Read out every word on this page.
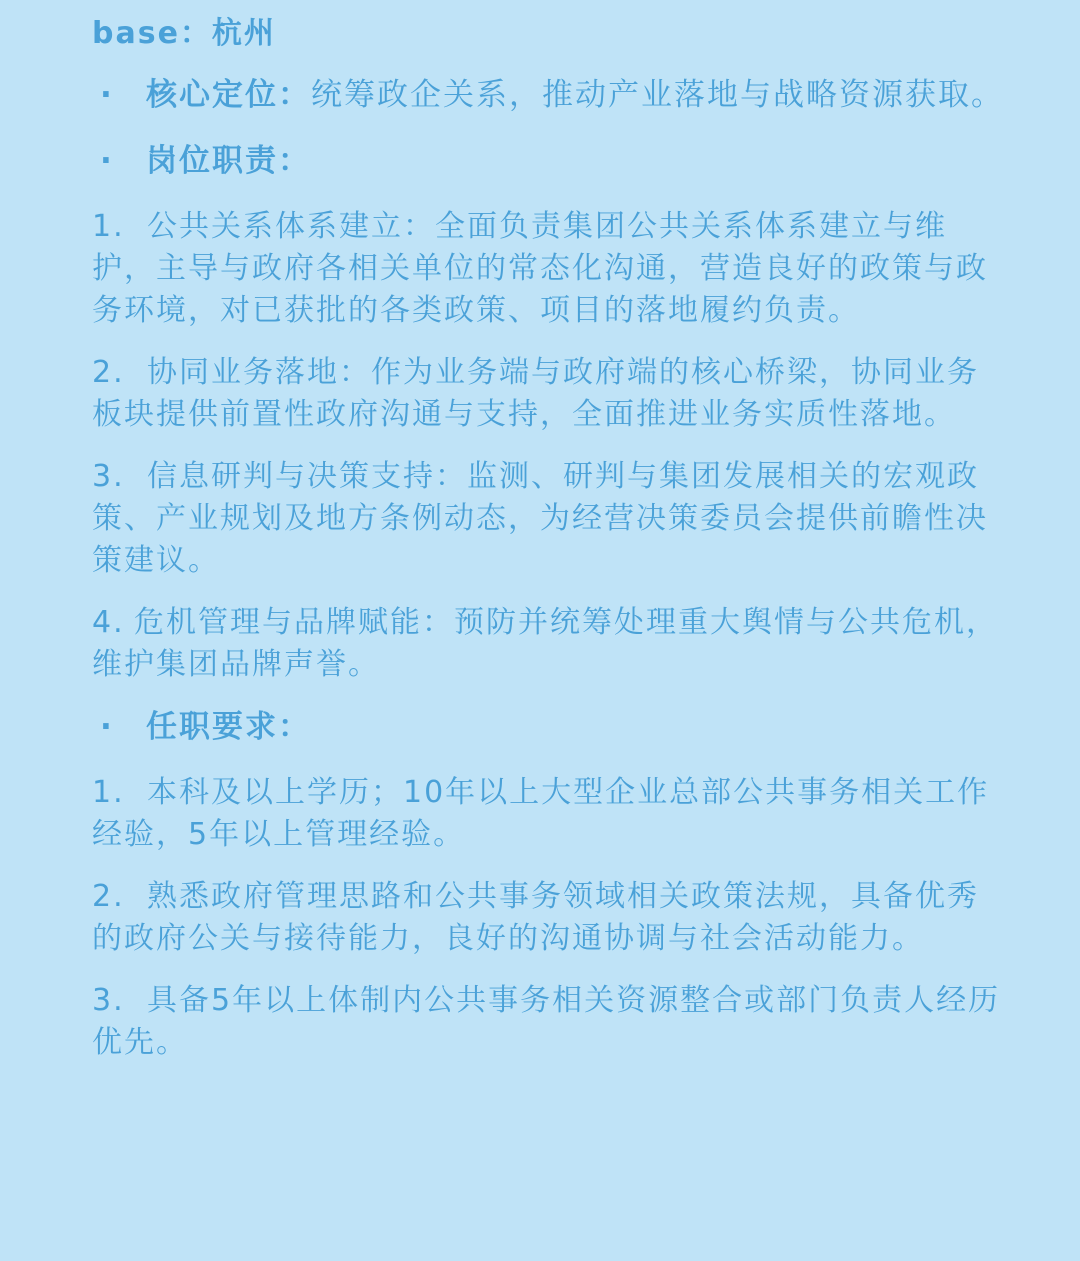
base：杭州
·	核心定位：统筹政企关系，推动产业落地与战略资源获取。
·	岗位职责：
1. 公共关系体系建立：全面负责集团公共关系体系建立与维护，主导与政府各相关单位的常态化沟通，营造良好的政策与政务环境，对已获批的各类政策、项目的落地履约负责。
2. 协同业务落地：作为业务端与政府端的核心桥梁，协同业务板块提供前置性政府沟通与支持，全面推进业务实质性落地。
3. 信息研判与决策支持：监测、研判与集团发展相关的宏观政策、产业规划及地方条例动态，为经营决策委员会提供前瞻性决策建议。
4. 危机管理与品牌赋能：预防并统筹处理重大舆情与公共危机，维护集团品牌声誉。
·	任职要求：
1. 本科及以上学历；10年以上大型企业总部公共事务相关工作经验，5年以上管理经验。
2. 熟悉政府管理思路和公共事务领域相关政策法规，具备优秀的政府公关与接待能力，良好的沟通协调与社会活动能力。
3. 具备5年以上体制内公共事务相关资源整合或部门负责人经历优先。
